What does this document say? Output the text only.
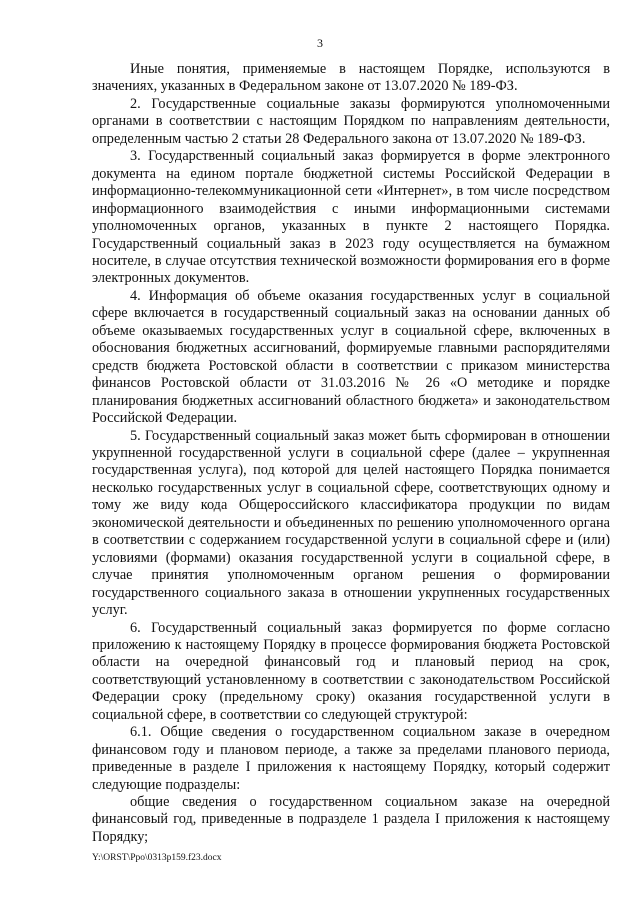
3

Иные понятия, применяемые в настоящем Порядке, используются в значениях, указанных в Федеральном законе от 13.07.2020 № 189-ФЗ.

2. Государственные социальные заказы формируются уполномоченными органами в соответствии с настоящим Порядком по направлениям деятельности, определенным частью 2 статьи 28 Федерального закона от 13.07.2020 № 189-ФЗ.

3. Государственный социальный заказ формируется в форме электронного документа на едином портале бюджетной системы Российской Федерации в информационно-телекоммуникационной сети «Интернет», в том числе посредством информационного взаимодействия с иными информационными системами уполномоченных органов, указанных в пункте 2 настоящего Порядка. Государственный социальный заказ в 2023 году осуществляется на бумажном носителе, в случае отсутствия технической возможности формирования его в форме электронных документов.

4. Информация об объеме оказания государственных услуг в социальной сфере включается в государственный социальный заказ на основании данных об объеме оказываемых государственных услуг в социальной сфере, включенных в обоснования бюджетных ассигнований, формируемые главными распорядителями средств бюджета Ростовской области в соответствии с приказом министерства финансов Ростовской области от 31.03.2016 № 26 «О методике и порядке планирования бюджетных ассигнований областного бюджета» и законодательством Российской Федерации.

5. Государственный социальный заказ может быть сформирован в отношении укрупненной государственной услуги в социальной сфере (далее – укрупненная государственная услуга), под которой для целей настоящего Порядка понимается несколько государственных услуг в социальной сфере, соответствующих одному и тому же виду кода Общероссийского классификатора продукции по видам экономической деятельности и объединенных по решению уполномоченного органа в соответствии с содержанием государственной услуги в социальной сфере и (или) условиями (формами) оказания государственной услуги в социальной сфере, в случае принятия уполномоченным органом решения о формировании государственного социального заказа в отношении укрупненных государственных услуг.

6. Государственный социальный заказ формируется по форме согласно приложению к настоящему Порядку в процессе формирования бюджета Ростовской области на очередной финансовый год и плановый период на срок, соответствующий установленному в соответствии с законодательством Российской Федерации сроку (предельному сроку) оказания государственной услуги в социальной сфере, в соответствии со следующей структурой:

6.1. Общие сведения о государственном социальном заказе в очередном финансовом году и плановом периоде, а также за пределами планового периода, приведенные в разделе I приложения к настоящему Порядку, который содержит следующие подразделы:

общие сведения о государственном социальном заказе на очередной финансовый год, приведенные в подразделе 1 раздела I приложения к настоящему Порядку;

Y:\ORST\Ppo\0313p159.f23.docx
